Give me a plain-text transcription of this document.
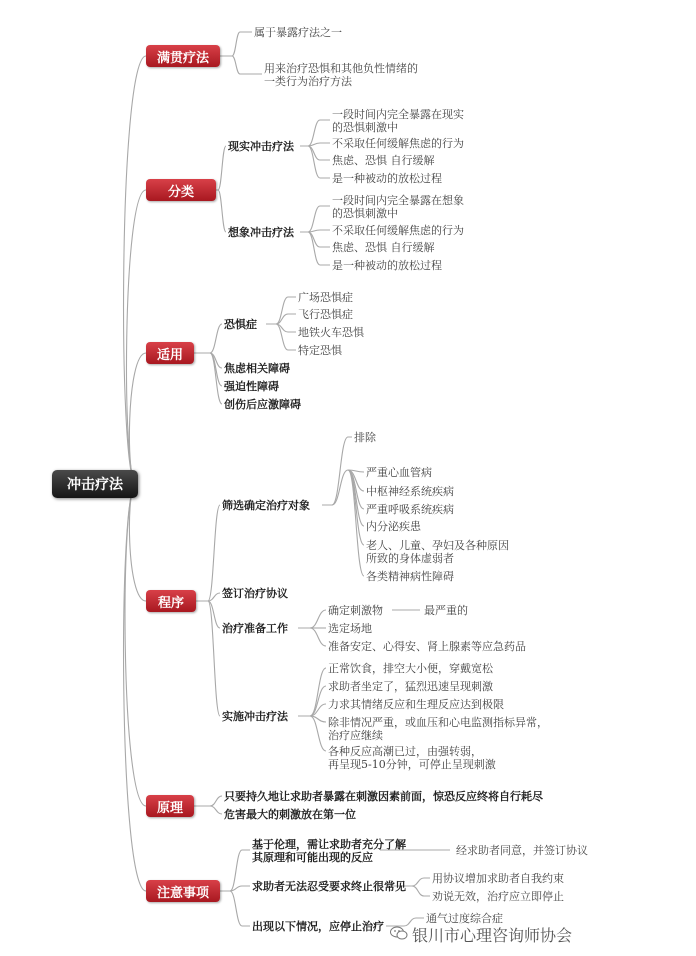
冲击疗法
满贯疗法
属于暴露疗法之一
用来治疗恐惧和其他负性情绪的
一类行为治疗方法
分类
现实冲击疗法
一段时间内完全暴露在现实
的恐惧刺激中
不采取任何缓解焦虑的行为
焦虑、恐惧 自行缓解
是一种被动的放松过程
想象冲击疗法
一段时间内完全暴露在想象
的恐惧刺激中
不采取任何缓解焦虑的行为
焦虑、恐惧 自行缓解
是一种被动的放松过程
适用
恐惧症
广场恐惧症
飞行恐惧症
地铁火车恐惧
特定恐惧
焦虑相关障碍
强迫性障碍
创伤后应激障碍
程序
筛选确定治疗对象
排除
严重心血管病
中枢神经系统疾病
严重呼吸系统疾病
内分泌疾患
老人、儿童、孕妇及各种原因
所致的身体虚弱者
各类精神病性障碍
签订治疗协议
治疗准备工作
确定刺激物	最严重的
选定场地
准备安定、心得安、肾上腺素等应急药品
实施冲击疗法
正常饮食，排空大小便，穿戴宽松
求助者坐定了，猛烈迅速呈现刺激
力求其情绪反应和生理反应达到极限
除非情况严重，或血压和心电监测指标异常，
治疗应继续
各种反应高潮已过，由强转弱，
再呈现5-10分钟，可停止呈现刺激
原理
只要持久地让求助者暴露在刺激因素前面，惊恐反应终将自行耗尽
危害最大的刺激放在第一位
注意事项
基于伦理，需让求助者充分了解
其原理和可能出现的反应
经求助者同意，并签订协议
求助者无法忍受要求终止很常见
用协议增加求助者自我约束
劝说无效，治疗应立即停止
出现以下情况，应停止治疗
通气过度综合症
银川市心理咨询师协会
